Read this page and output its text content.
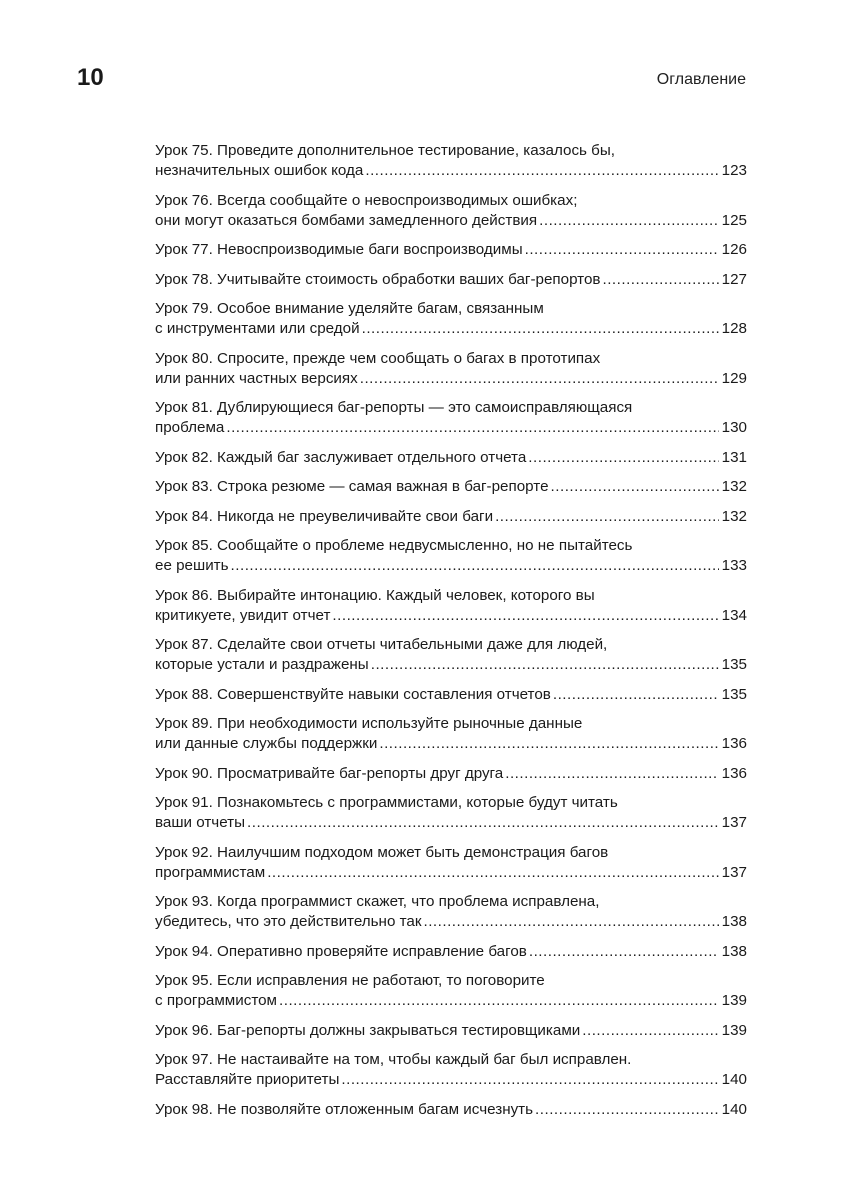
10	Оглавление
Урок 75. Проведите дополнительное тестирование, казалось бы,
незначительных ошибок кода .....	123
Урок 76. Всегда сообщайте о невоспроизводимых ошибках;
они могут оказаться бомбами замедленного действия .....	125
Урок 77. Невоспроизводимые баги воспроизводимы .....	126
Урок 78. Учитывайте стоимость обработки ваших баг-репортов .....	127
Урок 79. Особое внимание уделяйте багам, связанным
с инструментами или средой .....	128
Урок 80. Спросите, прежде чем сообщать о багах в прототипах
или ранних частных версиях .....	129
Урок 81. Дублирующиеся баг-репорты — это самоисправляющаяся
проблема .....	130
Урок 82. Каждый баг заслуживает отдельного отчета .....	131
Урок 83. Строка резюме — самая важная в баг-репорте .....	132
Урок 84. Никогда не преувеличивайте свои баги .....	132
Урок 85. Сообщайте о проблеме недвусмысленно, но не пытайтесь
ее решить .....	133
Урок 86. Выбирайте интонацию. Каждый человек, которого вы
критикуете, увидит отчет .....	134
Урок 87. Сделайте свои отчеты читабельными даже для людей,
которые устали и раздражены .....	135
Урок 88. Совершенствуйте навыки составления отчетов .....	135
Урок 89. При необходимости используйте рыночные данные
или данные службы поддержки .....	136
Урок 90. Просматривайте баг-репорты друг друга .....	136
Урок 91. Познакомьтесь с программистами, которые будут читать
ваши отчеты .....	137
Урок 92. Наилучшим подходом может быть демонстрация багов
программистам .....	137
Урок 93. Когда программист скажет, что проблема исправлена,
убедитесь, что это действительно так .....	138
Урок 94. Оперативно проверяйте исправление багов .....	138
Урок 95. Если исправления не работают, то поговорите
с программистом .....	139
Урок 96. Баг-репорты должны закрываться тестировщиками .....	139
Урок 97. Не настаивайте на том, чтобы каждый баг был исправлен.
Расставляйте приоритеты .....	140
Урок 98. Не позволяйте отложенным багам исчезнуть .....	140
